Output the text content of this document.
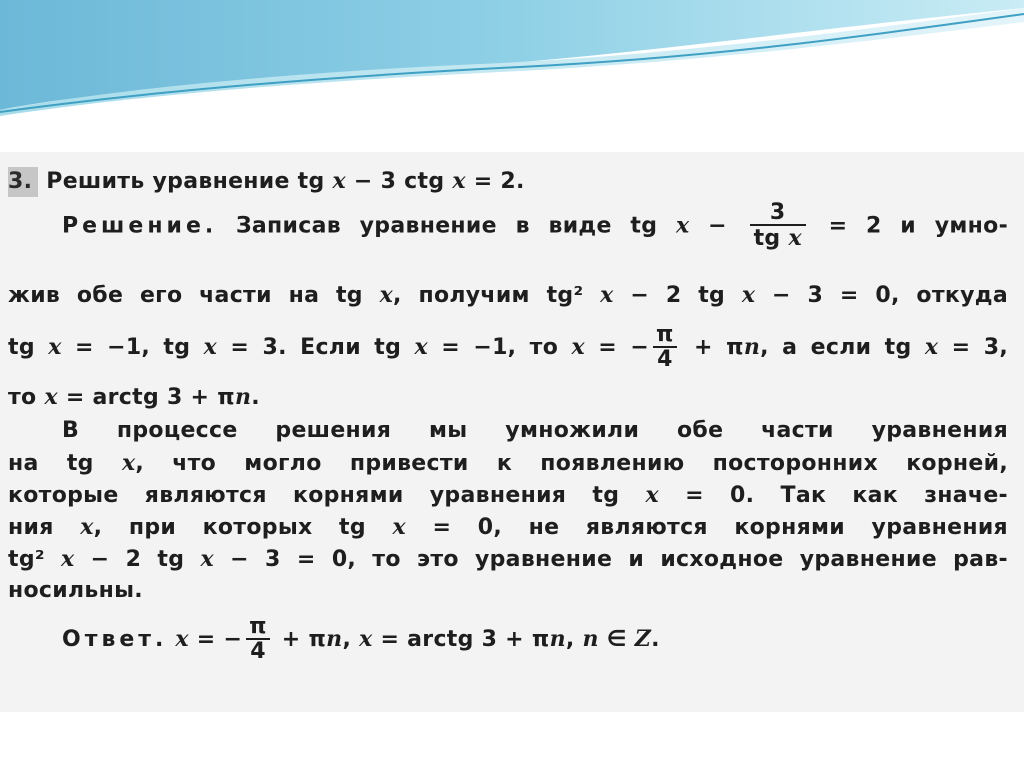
3. Решить уравнение tg x − 3 ctg x = 2.
Решение. Записав уравнение в виде tg $x - \frac{3}{\text{tg x}} = 2$ и умно-
жив обе его части на tg x, получим tg² x − 2 tg x − 3 = 0, откуда
tg x = −1, tg x = 3. Если tg x = −1, то x = − $\frac{\pi}{4} + \pi n$, а если tg x = 3,
то x = arctg 3 + πn.
В процессе решения мы умножили обе части уравнения
на tg x, что могло привести к появлению посторонних корней,
которые являются корнями уравнения tg x = 0. Так как значе-
ния x, при которых tg x = 0, не являются корнями уравнения
tg² x − 2 tg x − 3 = 0, то это уравнение и исходное уравнение рав-
носильны.
Ответ. x = − $\frac{\pi}{4} + \pi n$, x = arctg 3 + πn, n ∈ Z.
